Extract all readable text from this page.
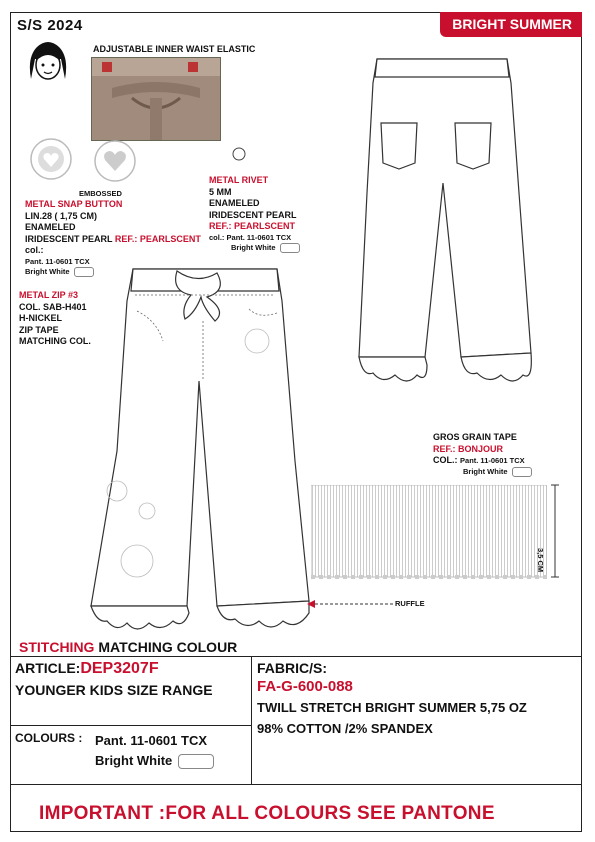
S/S 2024	BRIGHT SUMMER
ADJUSTABLE INNER WAIST ELASTIC
EMBOSSED
METAL SNAP BUTTON
LIN.28 ( 1,75 CM)
ENAMELED
IRIDESCENT PEARL REF.: PEARLSCENT
col.:
Pant. 11-0601 TCX
Bright White
METAL RIVET
5 MM
ENAMELED
IRIDESCENT PEARL
REF.: PEARLSCENT
col.: Pant. 11-0601 TCX
Bright White
METAL ZIP #3
COL. SAB-H401
H-NICKEL
ZIP TAPE
MATCHING COL.
GROS GRAIN TAPE
REF.: BONJOUR
COL.: Pant. 11-0601 TCX
Bright White
3,5 CM
RUFFLE
STITCHING MATCHING COLOUR
ARTICLE:DEP3207F
YOUNGER KIDS SIZE RANGE
FABRIC/S:
FA-G-600-088
TWILL STRETCH BRIGHT SUMMER 5,75 OZ
98% COTTON /2% SPANDEX
COLOURS : Pant. 11-0601 TCX
Bright White
IMPORTANT :FOR ALL COLOURS SEE PANTONE
